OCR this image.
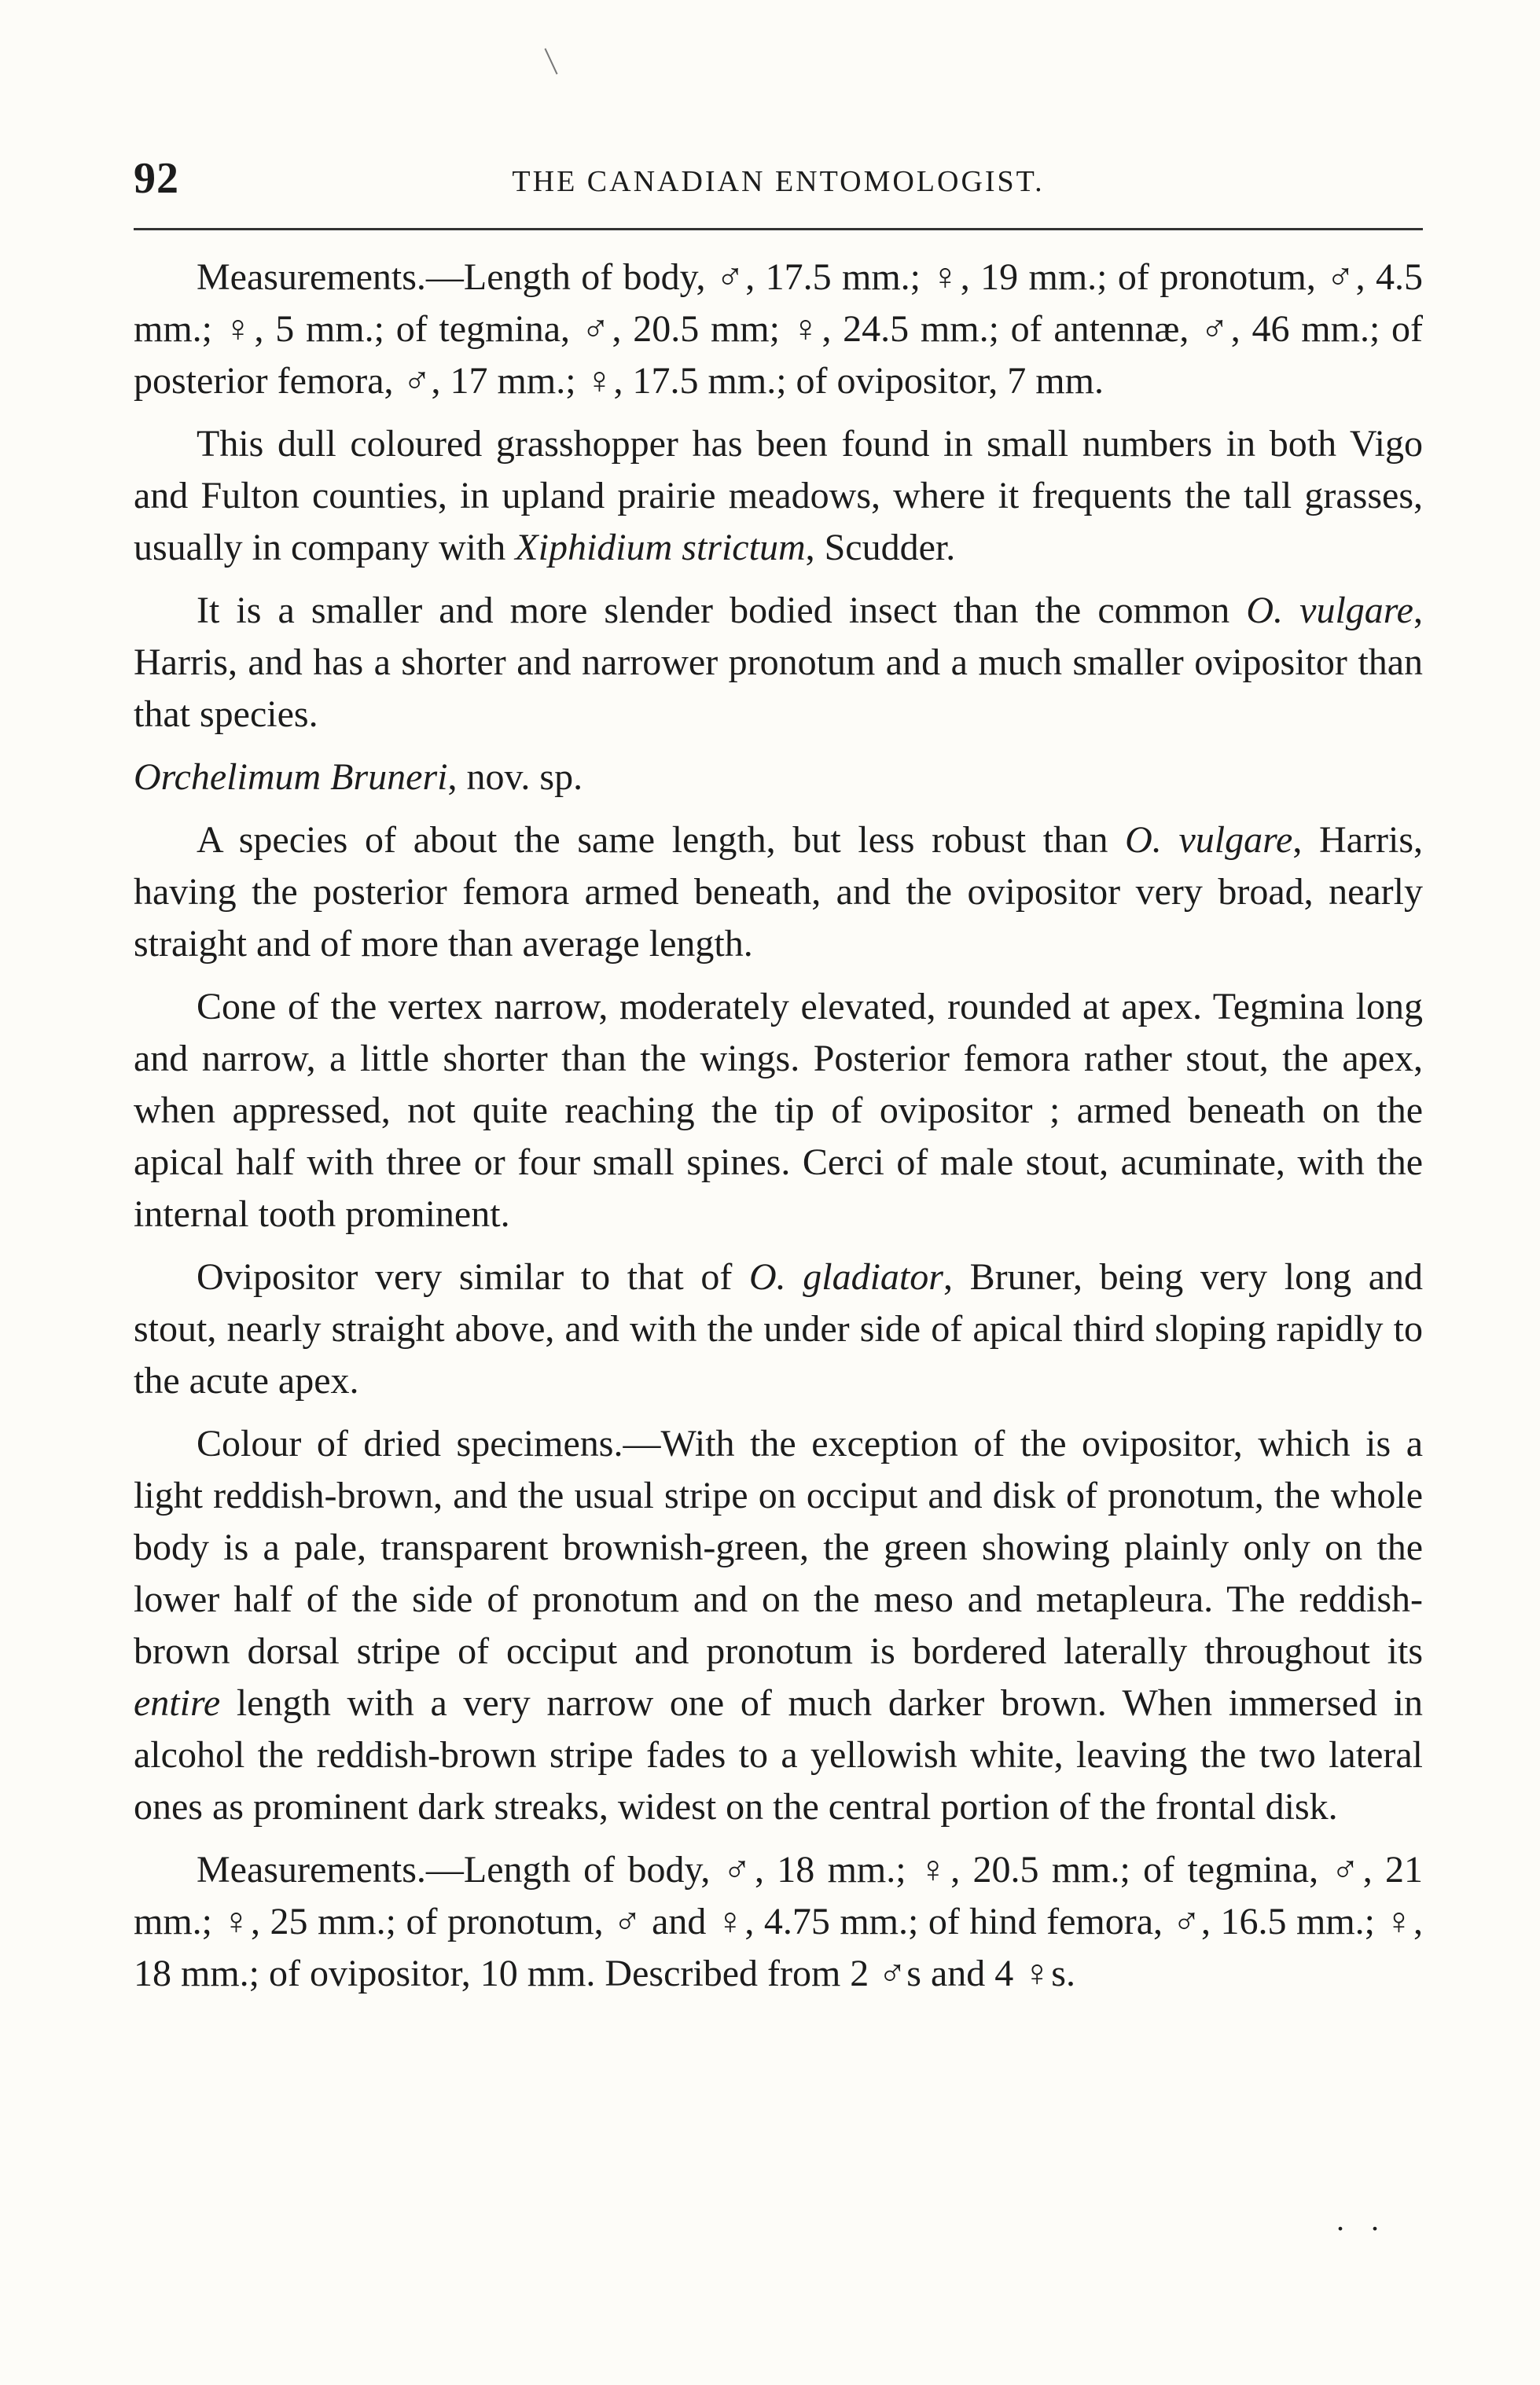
92	THE CANADIAN ENTOMOLOGIST.

Measurements.—Length of body, ♂, 17.5 mm.; ♀, 19 mm.; of pronotum, ♂, 4.5 mm.; ♀, 5 mm.; of tegmina, ♂, 20.5 mm; ♀, 24.5 mm.; of antennæ, ♂, 46 mm.; of posterior femora, ♂, 17 mm.; ♀, 17.5 mm.; of ovipositor, 7 mm.

This dull coloured grasshopper has been found in small numbers in both Vigo and Fulton counties, in upland prairie meadows, where it frequents the tall grasses, usually in company with Xiphidium strictum, Scudder.

It is a smaller and more slender bodied insect than the common O. vulgare, Harris, and has a shorter and narrower pronotum and a much smaller ovipositor than that species.

Orchelimum Bruneri, nov. sp.

A species of about the same length, but less robust than O. vulgare, Harris, having the posterior femora armed beneath, and the ovipositor very broad, nearly straight and of more than average length.

Cone of the vertex narrow, moderately elevated, rounded at apex. Tegmina long and narrow, a little shorter than the wings. Posterior femora rather stout, the apex, when appressed, not quite reaching the tip of ovipositor ; armed beneath on the apical half with three or four small spines. Cerci of male stout, acuminate, with the internal tooth prominent.

Ovipositor very similar to that of O. gladiator, Bruner, being very long and stout, nearly straight above, and with the under side of apical third sloping rapidly to the acute apex.

Colour of dried specimens.—With the exception of the ovipositor, which is a light reddish-brown, and the usual stripe on occiput and disk of pronotum, the whole body is a pale, transparent brownish-green, the green showing plainly only on the lower half of the side of pronotum and on the meso and metapleura. The reddish-brown dorsal stripe of occiput and pronotum is bordered laterally throughout its entire length with a very narrow one of much darker brown. When immersed in alcohol the reddish-brown stripe fades to a yellowish white, leaving the two lateral ones as prominent dark streaks, widest on the central portion of the frontal disk.

Measurements.—Length of body, ♂, 18 mm.; ♀, 20.5 mm.; of tegmina, ♂, 21 mm.; ♀, 25 mm.; of pronotum, ♂ and ♀, 4.75 mm.; of hind femora, ♂, 16.5 mm.; ♀, 18 mm.; of ovipositor, 10 mm. Described from 2 ♂s and 4 ♀s.

. .
